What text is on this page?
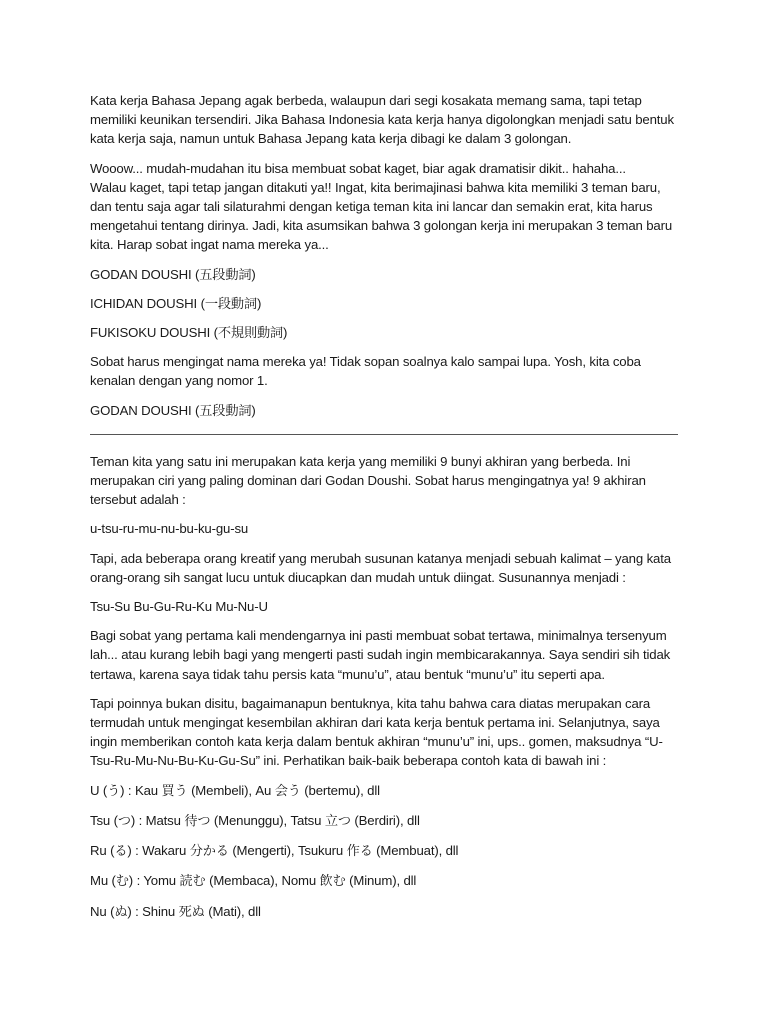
Kata kerja Bahasa Jepang agak berbeda, walaupun dari segi kosakata memang sama, tapi tetap memiliki keunikan tersendiri. Jika Bahasa Indonesia kata kerja hanya digolongkan menjadi satu bentuk kata kerja saja, namun untuk Bahasa Jepang kata kerja dibagi ke dalam 3 golongan.

Wooow... mudah-mudahan itu bisa membuat sobat kaget, biar agak dramatisir dikit.. hahaha...
Walau kaget, tapi tetap jangan ditakuti ya!! Ingat, kita berimajinasi bahwa kita memiliki 3 teman baru, dan tentu saja agar tali silaturahmi dengan ketiga teman kita ini lancar dan semakin erat, kita harus mengetahui tentang dirinya. Jadi, kita asumsikan bahwa 3 golongan kerja ini merupakan 3 teman baru kita. Harap sobat ingat nama mereka ya...

GODAN DOUSHI (五段動詞)

ICHIDAN DOUSHI (一段動詞)

FUKISOKU DOUSHI (不規則動詞)

Sobat harus mengingat nama mereka ya! Tidak sopan soalnya kalo sampai lupa. Yosh, kita coba kenalan dengan yang nomor 1.

GODAN DOUSHI (五段動詞)

Teman kita yang satu ini merupakan kata kerja yang memiliki 9 bunyi akhiran yang berbeda. Ini merupakan ciri yang paling dominan dari Godan Doushi. Sobat harus mengingatnya ya! 9 akhiran tersebut adalah :

u-tsu-ru-mu-nu-bu-ku-gu-su

Tapi, ada beberapa orang kreatif yang merubah susunan katanya menjadi sebuah kalimat – yang kata orang-orang sih sangat lucu untuk diucapkan dan mudah untuk diingat. Susunannya menjadi :

Tsu-Su Bu-Gu-Ru-Ku Mu-Nu-U

Bagi sobat yang pertama kali mendengarnya ini pasti membuat sobat tertawa, minimalnya tersenyum lah... atau kurang lebih bagi yang mengerti pasti sudah ingin membicarakannya. Saya sendiri sih tidak tertawa, karena saya tidak tahu persis kata “munu’u”, atau bentuk “munu’u” itu seperti apa.

Tapi poinnya bukan disitu, bagaimanapun bentuknya, kita tahu bahwa cara diatas merupakan cara termudah untuk mengingat kesembilan akhiran dari kata kerja bentuk pertama ini. Selanjutnya, saya ingin memberikan contoh kata kerja dalam bentuk akhiran “munu’u” ini, ups.. gomen, maksudnya “U-Tsu-Ru-Mu-Nu-Bu-Ku-Gu-Su” ini. Perhatikan baik-baik beberapa contoh kata di bawah ini :

U (う) : Kau 買う (Membeli), Au 会う (bertemu), dll

Tsu (つ) : Matsu 待つ (Menunggu), Tatsu 立つ (Berdiri), dll

Ru (る) : Wakaru 分かる (Mengerti), Tsukuru 作る (Membuat), dll

Mu (む) : Yomu 読む (Membaca), Nomu 飲む (Minum), dll

Nu (ぬ) : Shinu 死ぬ (Mati), dll
